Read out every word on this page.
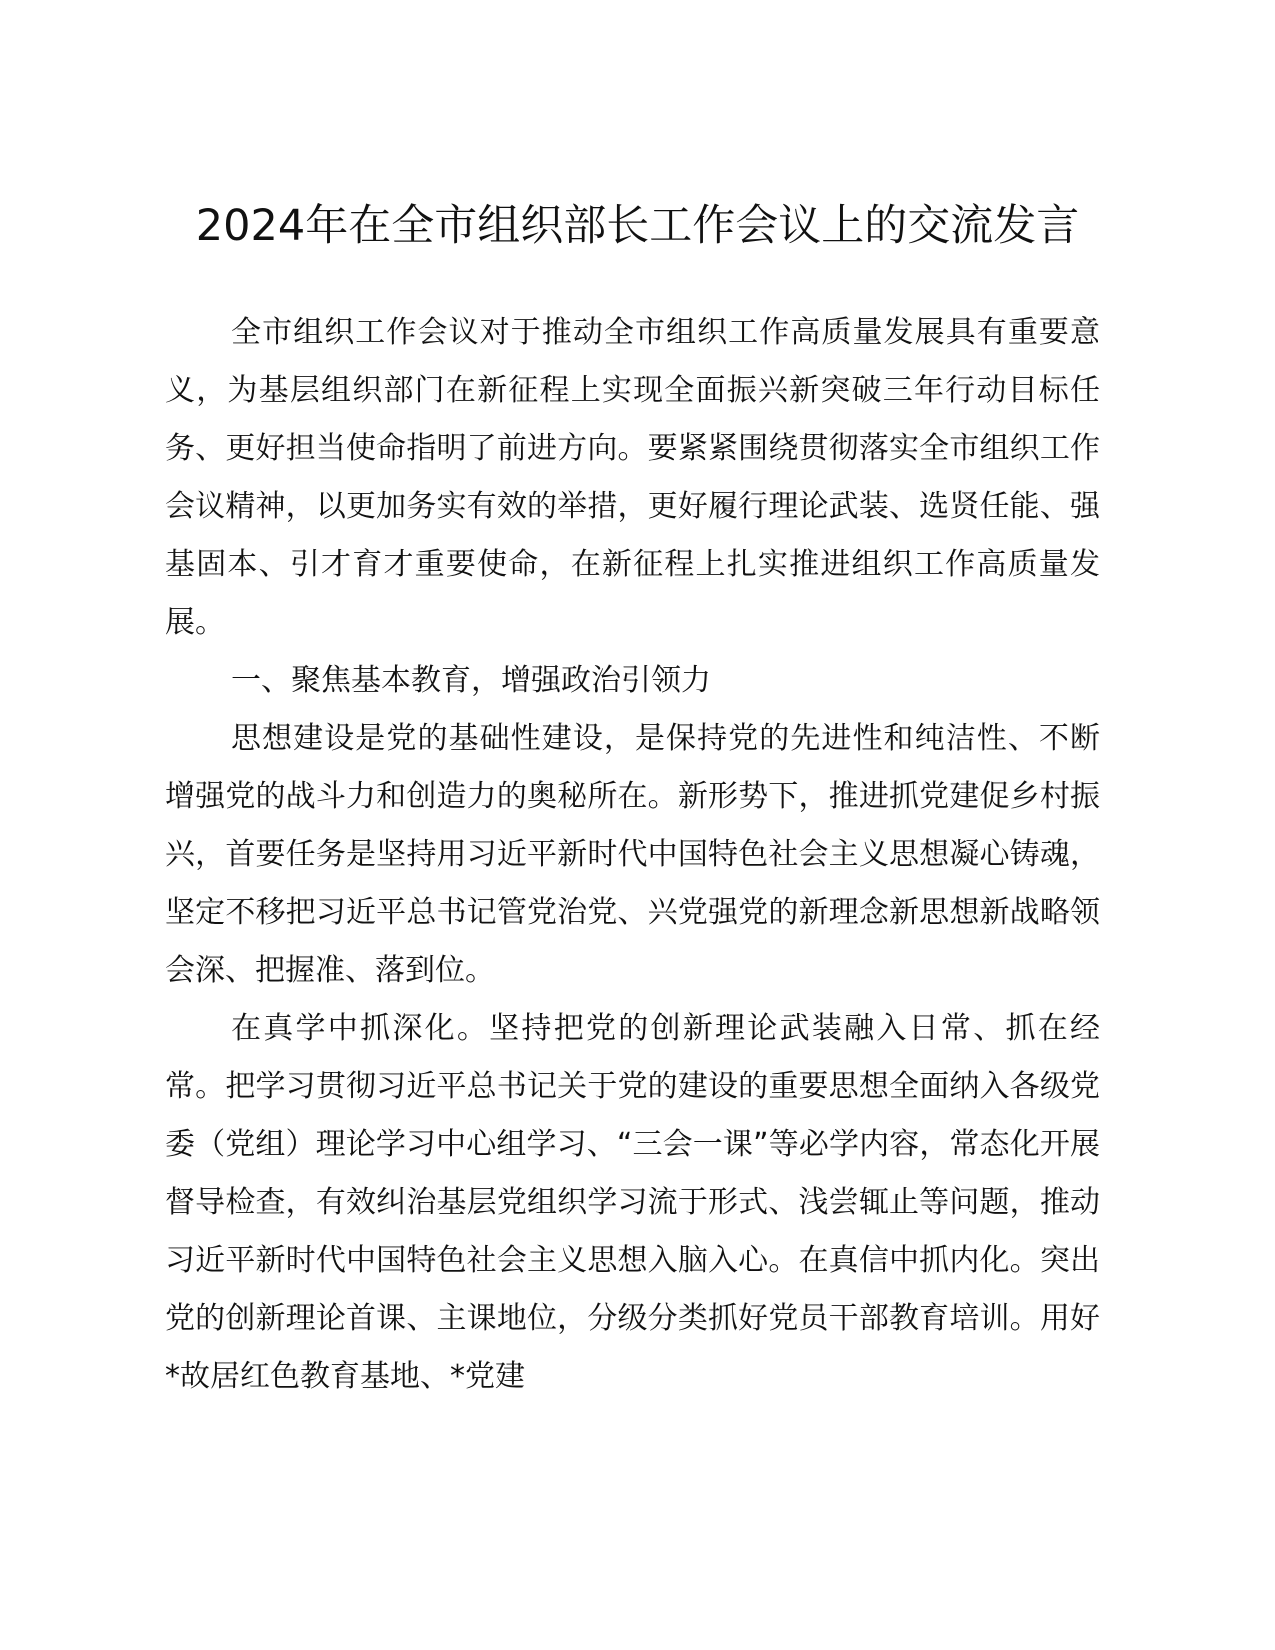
2024年在全市组织部长工作会议上的交流发言

全市组织工作会议对于推动全市组织工作高质量发展具有重要意义，为基层组织部门在新征程上实现全面振兴新突破三年行动目标任务、更好担当使命指明了前进方向。要紧紧围绕贯彻落实全市组织工作会议精神，以更加务实有效的举措，更好履行理论武装、选贤任能、强基固本、引才育才重要使命，在新征程上扎实推进组织工作高质量发展。

一、聚焦基本教育，增强政治引领力

思想建设是党的基础性建设，是保持党的先进性和纯洁性、不断增强党的战斗力和创造力的奥秘所在。新形势下，推进抓党建促乡村振兴，首要任务是坚持用习近平新时代中国特色社会主义思想凝心铸魂，坚定不移把习近平总书记管党治党、兴党强党的新理念新思想新战略领会深、把握准、落到位。

在真学中抓深化。坚持把党的创新理论武装融入日常、抓在经常。把学习贯彻习近平总书记关于党的建设的重要思想全面纳入各级党委（党组）理论学习中心组学习、“三会一课”等必学内容，常态化开展督导检查，有效纠治基层党组织学习流于形式、浅尝辄止等问题，推动习近平新时代中国特色社会主义思想入脑入心。在真信中抓内化。突出党的创新理论首课、主课地位，分级分类抓好党员干部教育培训。用好*故居红色教育基地、*党建
